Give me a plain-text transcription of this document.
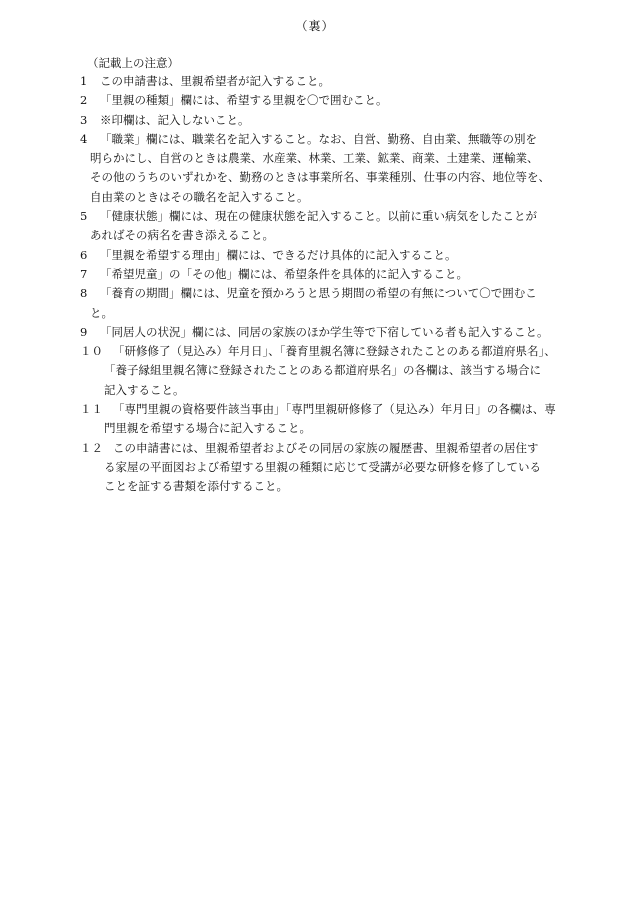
（裏）
（記載上の注意）
1	この申請書は、里親希望者が記入すること。
2	「里親の種類」欄には、希望する里親を〇で囲むこと。
3	※印欄は、記入しないこと。
4	「職業」欄には、職業名を記入すること。なお、自営、勤務、自由業、無職等の別を
明らかにし、自営のときは農業、水産業、林業、工業、鉱業、商業、土建業、運輸業、
その他のうちのいずれかを、勤務のときは事業所名、事業種別、仕事の内容、地位等を、
自由業のときはその職名を記入すること。
5	「健康状態」欄には、現在の健康状態を記入すること。以前に重い病気をしたことが
あればその病名を書き添えること。
6	「里親を希望する理由」欄には、できるだけ具体的に記入すること。
7	「希望児童」の「その他」欄には、希望条件を具体的に記入すること。
8	「養育の期間」欄には、児童を預かろうと思う期間の希望の有無について〇で囲むこ
と。
9	「同居人の状況」欄には、同居の家族のほか学生等で下宿している者も記入すること。
１０ 「研修修了（見込み）年月日」、「養育里親名簿に登録されたことのある都道府県名」、
「養子縁組里親名簿に登録されたことのある都道府県名」の各欄は、該当する場合に
記入すること。
１１ 「専門里親の資格要件該当事由」「専門里親研修修了（見込み）年月日」の各欄は、専
門里親を希望する場合に記入すること。
１２ この申請書には、里親希望者およびその同居の家族の履歴書、里親希望者の居住す
る家屋の平面図および希望する里親の種類に応じて受講が必要な研修を修了している
ことを証する書類を添付すること。
